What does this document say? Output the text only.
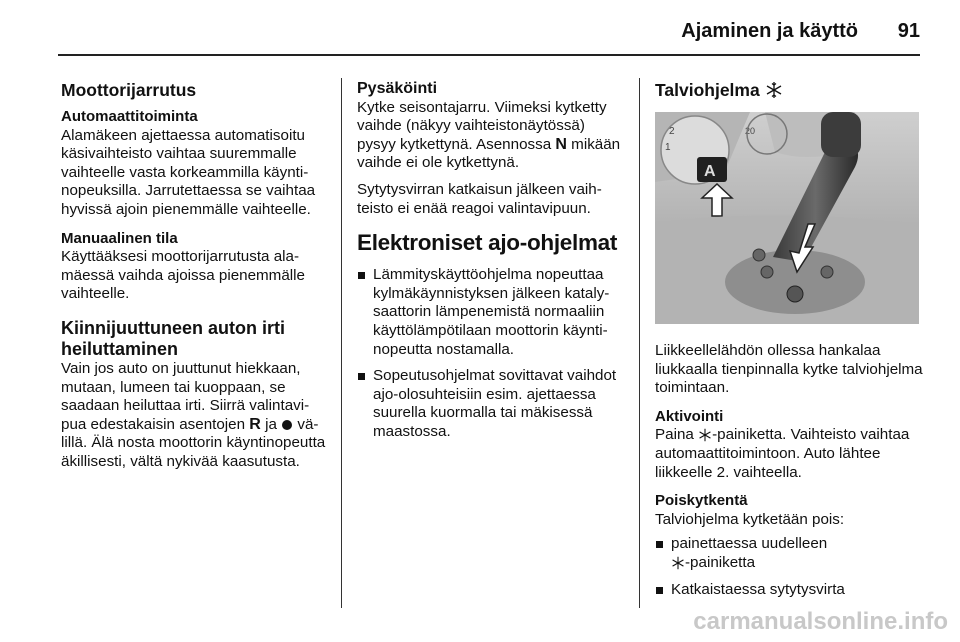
Ajaminen ja käyttö 91
Moottorijarrutus
Automaattitoiminta

Alamäkeen ajettaessa automatisoitu käsivaihteisto vaihtaa suuremmalle vaihteelle vasta korkeammilla käyntinopeuksilla. Jarrutettaessa se vaihtaa hyvissä ajoin pienemmälle vaihteelle.

Manuaalinen tila

Käyttääksesi moottorijarrutusta alamäessä vaihda ajoissa pienemmälle vaihteelle.

Kiinnijuuttuneen auton irti heiluttaminen

Vain jos auto on juuttunut hiekkaan, mutaan, lumeen tai kuoppaan, se saadaan heiluttaa irti. Siirrä valintavipua edestakaisin asentojen R ja  välillä. Älä nosta moottorin käyntinopeutta äkillisesti, vältä nykivää kaasutusta.

Pysäköinti

Kytke seisontajarru. Viimeksi kytketty vaihde (näkyy vaihteistonäytössä) pysyy kytkettynä. Asennossa N mikään vaihde ei ole kytkettynä.

Sytytysvirran katkaisun jälkeen vaihteisto ei enää reagoi valintavipuun.

Elektroniset ajo-ohjelmat
Lämmityskäyttöohjelma nopeuttaa kylmäkäynnistyksen jälkeen katalysaattorin lämpenemistä normaaliin käyttölämpötilaan moottorin käyntinopeutta nostamalla.
Sopeutusohjelmat sovittavat vaihdot ajo-olosuhteisiin esim. ajettaessa suurella kuormalla tai mäkisessä maastossa.
Talviohjelma
2
1
20
A

Liikkeellelähdön ollessa hankalaa liukkaalla tienpinnalla kytke talviohjelma toimintaan.

Aktivointi

Paina -painiketta. Vaihteisto vaihtaa automaattitoimintoon. Auto lähtee liikkeelle 2. vaihteella.

Poiskytkentä

Talviohjelma kytketään pois:

painettaessa uudelleen
-painiketta
Katkaistaessa sytytysvirta
carmanualsonline.info
